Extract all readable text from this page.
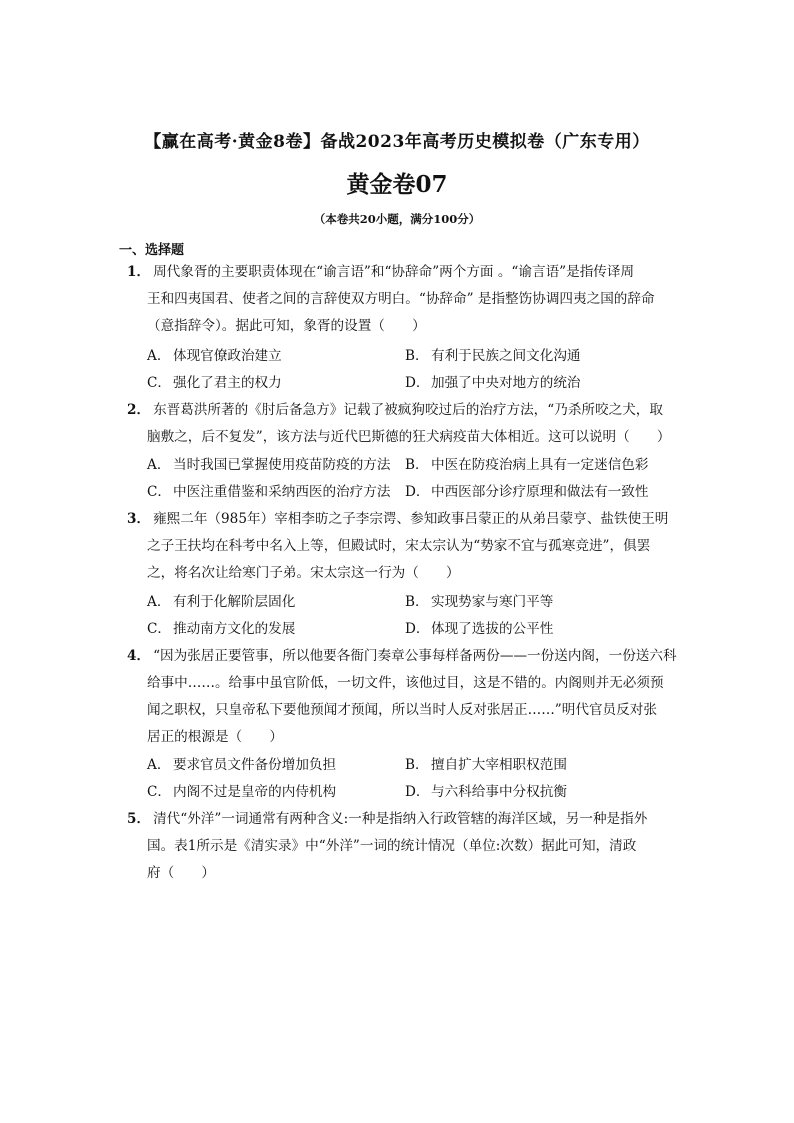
【赢在高考·黄金8卷】备战2023年高考历史模拟卷（广东专用）
黄金卷07
（本卷共20小题，满分100分）
一、选择题
1． 周代象胥的主要职责体现在“谕言语”和“协辞命”两个方面 。“谕言语”是指传译周
王和四夷国君、使者之间的言辞使双方明白。“协辞命” 是指整饬协调四夷之国的辞命
（意指辞令）。据此可知，象胥的设置（　　）
A． 体现官僚政治建立	B． 有利于民族之间文化沟通
C． 强化了君主的权力	D． 加强了中央对地方的统治
2． 东晋葛洪所著的《肘后备急方》记载了被疯狗咬过后的治疗方法，“乃杀所咬之犬，取
脑敷之，后不复发”，该方法与近代巴斯德的狂犬病疫苗大体相近。这可以说明（　　）
A． 当时我国已掌握使用疫苗防疫的方法 B． 中医在防疫治病上具有一定迷信色彩
C． 中医注重借鉴和采纳西医的治疗方法 D． 中西医部分诊疗原理和做法有一致性
3． 雍熙二年（985年）宰相李昉之子李宗谔、参知政事吕蒙正的从弟吕蒙亨、盐铁使王明
之子王扶均在科考中名入上等，但殿试时，宋太宗认为“势家不宜与孤寒竞进”，俱罢
之，将名次让给寒门子弟。宋太宗这一行为（　　）
A． 有利于化解阶层固化	B． 实现势家与寒门平等
C． 推动南方文化的发展	D． 体现了选拔的公平性
4． “因为张居正要管事，所以他要各衙门奏章公事每样备两份——一份送内阁，一份送六科
给事中……。给事中虽官阶低，一切文件，该他过目，这是不错的。内阁则并无必须预
闻之职权，只皇帝私下要他预闻才预闻，所以当时人反对张居正……”明代官员反对张
居正的根源是（　　）
A． 要求官员文件备份增加负担	B． 擅自扩大宰相职权范围
C． 内阁不过是皇帝的内侍机构	D． 与六科给事中分权抗衡
5． 清代“外洋”一词通常有两种含义:一种是指纳入行政管辖的海洋区域，另一种是指外
国。表1所示是《清实录》中“外洋”一词的统计情况（单位:次数）据此可知，清政
府（　　）
